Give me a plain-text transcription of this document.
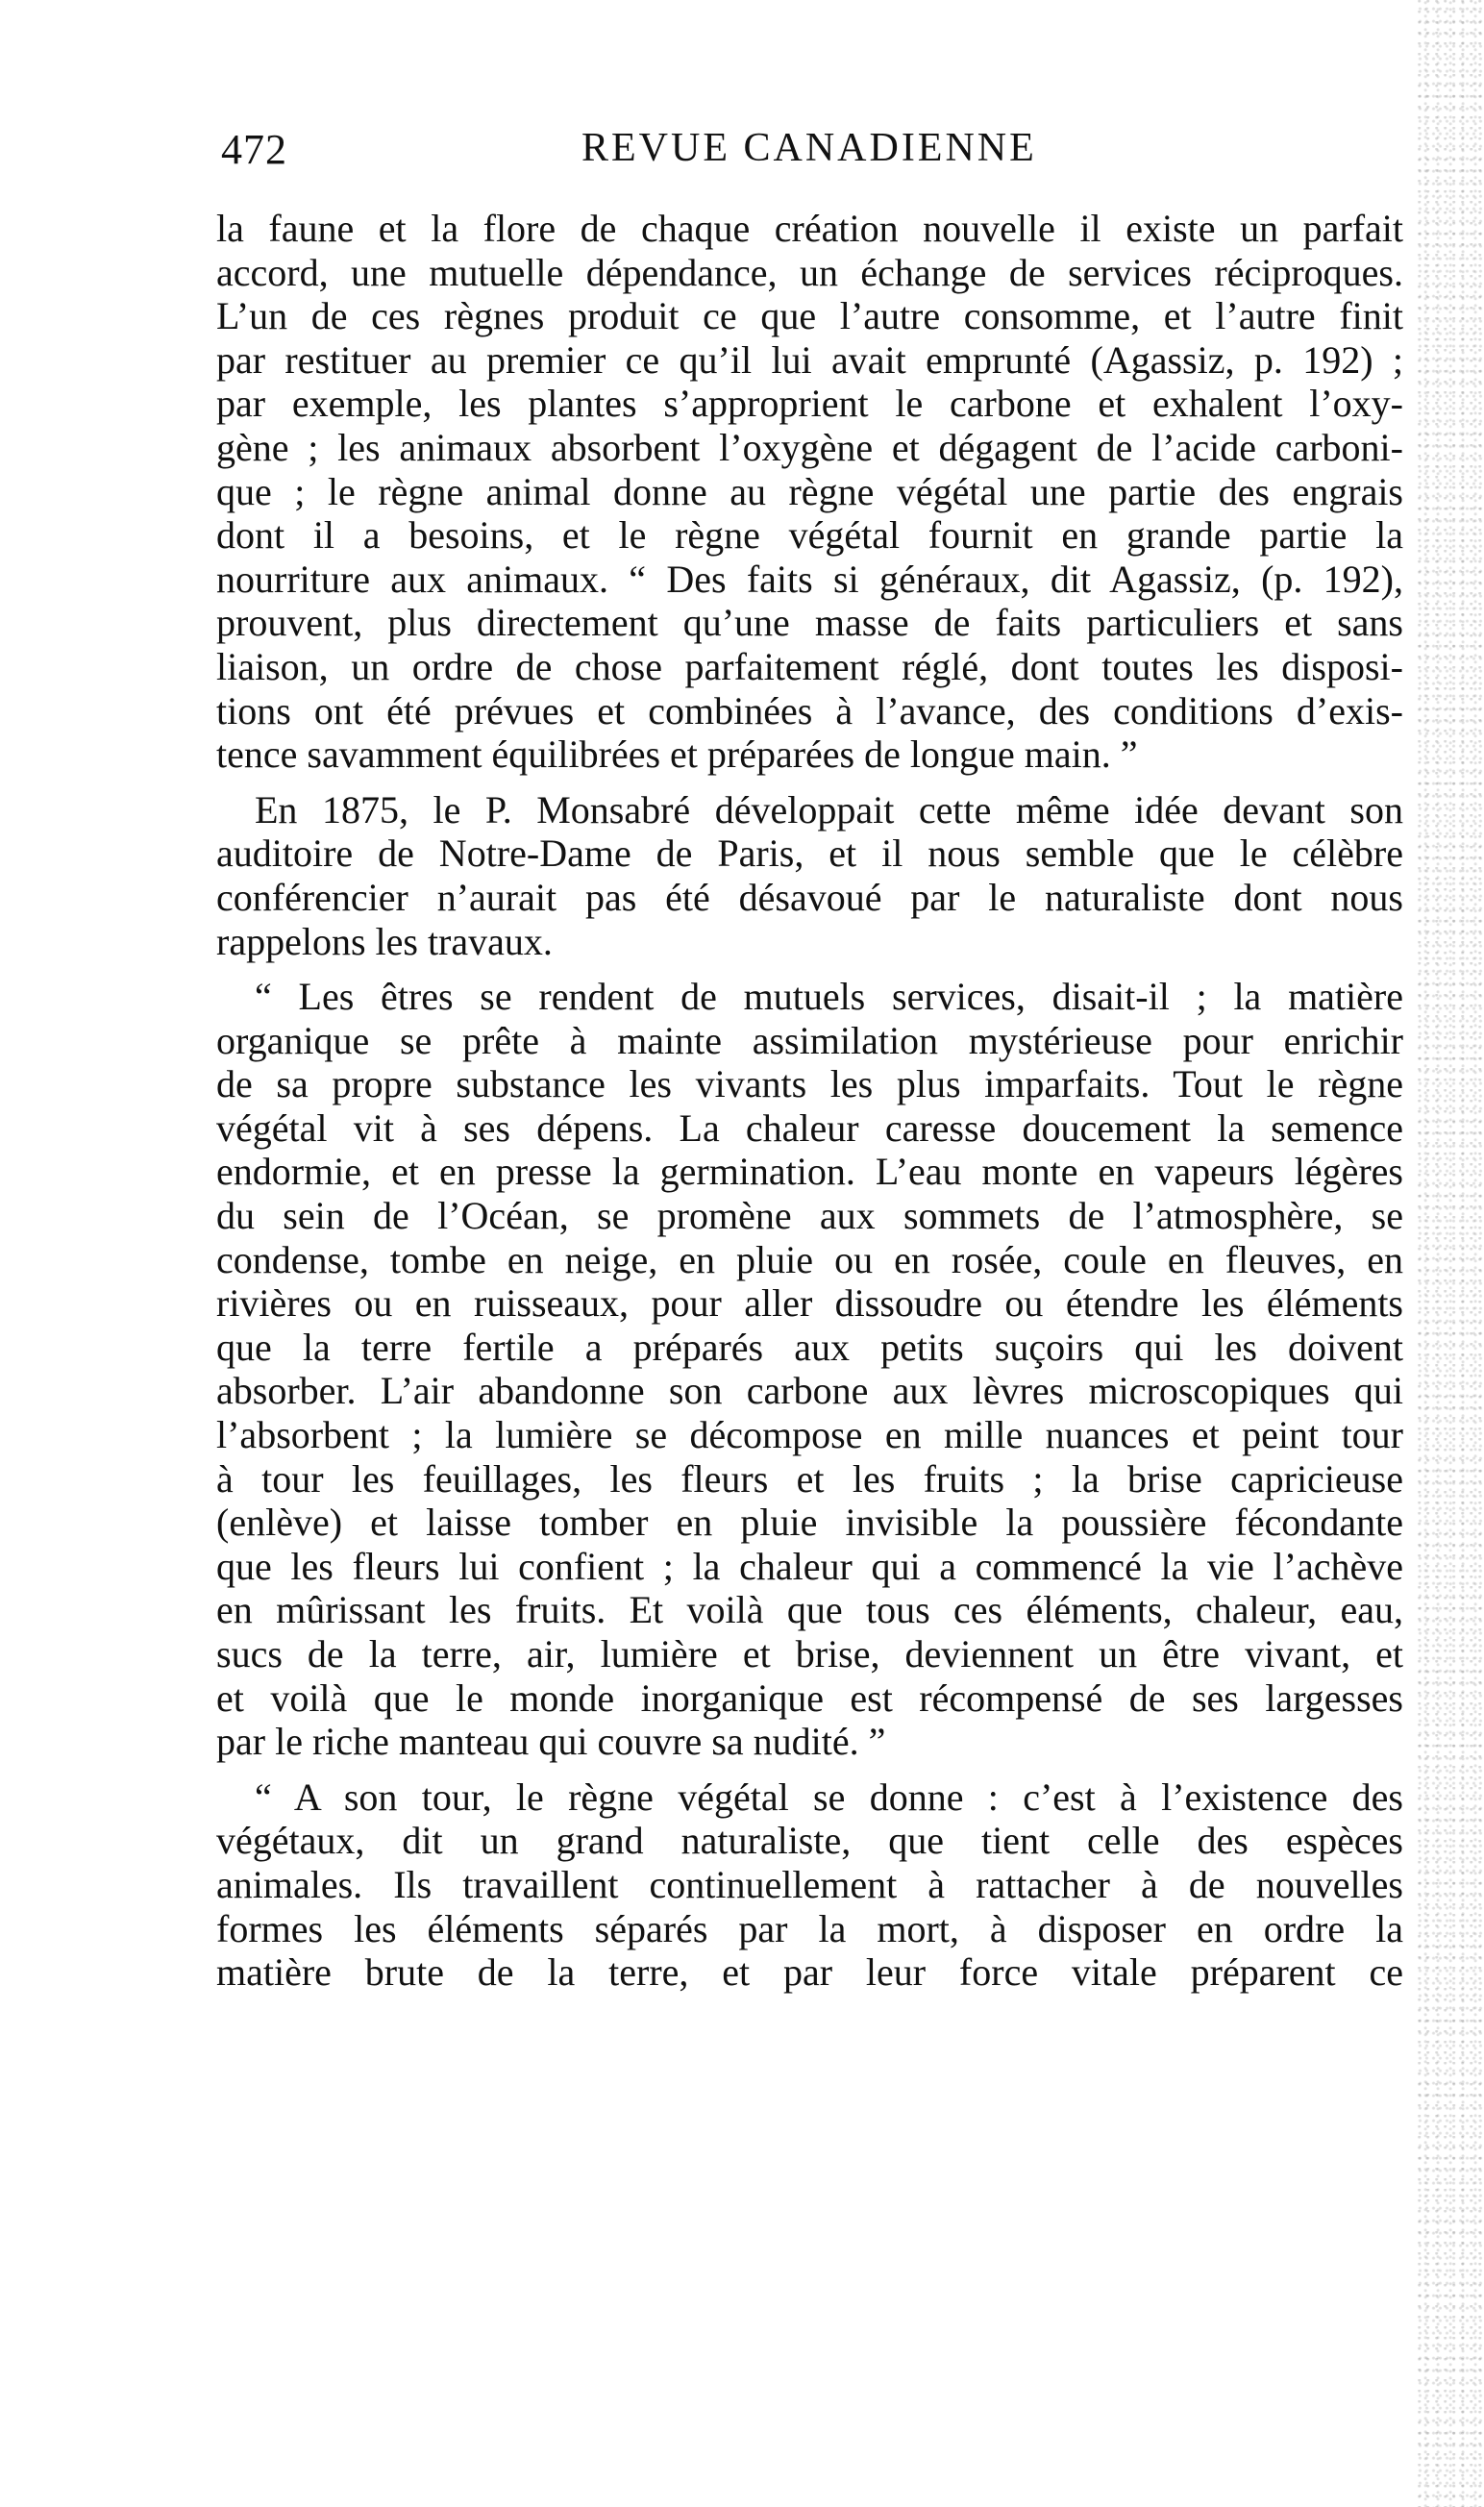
472	REVUE CANADIENNE
la faune et la flore de chaque création nouvelle il existe un parfait
accord, une mutuelle dépendance, un échange de services réciproques.
L’un de ces règnes produit ce que l’autre consomme, et l’autre finit
par restituer au premier ce qu’il lui avait emprunté (Agassiz, p. 192) ;
par exemple, les plantes s’approprient le carbone et exhalent l’oxy-
gène ; les animaux absorbent l’oxygène et dégagent de l’acide carboni-
que ; le règne animal donne au règne végétal une partie des engrais
dont il a besoins, et le règne végétal fournit en grande partie la
nourriture aux animaux. “ Des faits si généraux, dit Agassiz, (p. 192),
prouvent, plus directement qu’une masse de faits particuliers et sans
liaison, un ordre de chose parfaitement réglé, dont toutes les disposi-
tions ont été prévues et combinées à l’avance, des conditions d’exis-
tence savamment équilibrées et préparées de longue main. ”
En 1875, le P. Monsabré développait cette même idée devant son
auditoire de Notre-Dame de Paris, et il nous semble que le célèbre
conférencier n’aurait pas été désavoué par le naturaliste dont nous
rappelons les travaux.
“ Les êtres se rendent de mutuels services, disait-il ; la matière
organique se prête à mainte assimilation mystérieuse pour enrichir
de sa propre substance les vivants les plus imparfaits. Tout le règne
végétal vit à ses dépens. La chaleur caresse doucement la semence
endormie, et en presse la germination. L’eau monte en vapeurs légères
du sein de l’Océan, se promène aux sommets de l’atmosphère, se
condense, tombe en neige, en pluie ou en rosée, coule en fleuves, en
rivières ou en ruisseaux, pour aller dissoudre ou étendre les éléments
que la terre fertile a préparés aux petits suçoirs qui les doivent
absorber. L’air abandonne son carbone aux lèvres microscopiques qui
l’absorbent ; la lumière se décompose en mille nuances et peint tour
à tour les feuillages, les fleurs et les fruits ; la brise capricieuse
(enlève) et laisse tomber en pluie invisible la poussière fécondante
que les fleurs lui confient ; la chaleur qui a commencé la vie l’achève
en mûrissant les fruits. Et voilà que tous ces éléments, chaleur, eau,
sucs de la terre, air, lumière et brise, deviennent un être vivant, et
et voilà que le monde inorganique est récompensé de ses largesses
par le riche manteau qui couvre sa nudité. ”
“ A son tour, le règne végétal se donne : c’est à l’existence des
végétaux, dit un grand naturaliste, que tient celle des espèces
animales. Ils travaillent continuellement à rattacher à de nouvelles
formes les éléments séparés par la mort, à disposer en ordre la
matière brute de la terre, et par leur force vitale préparent ce
